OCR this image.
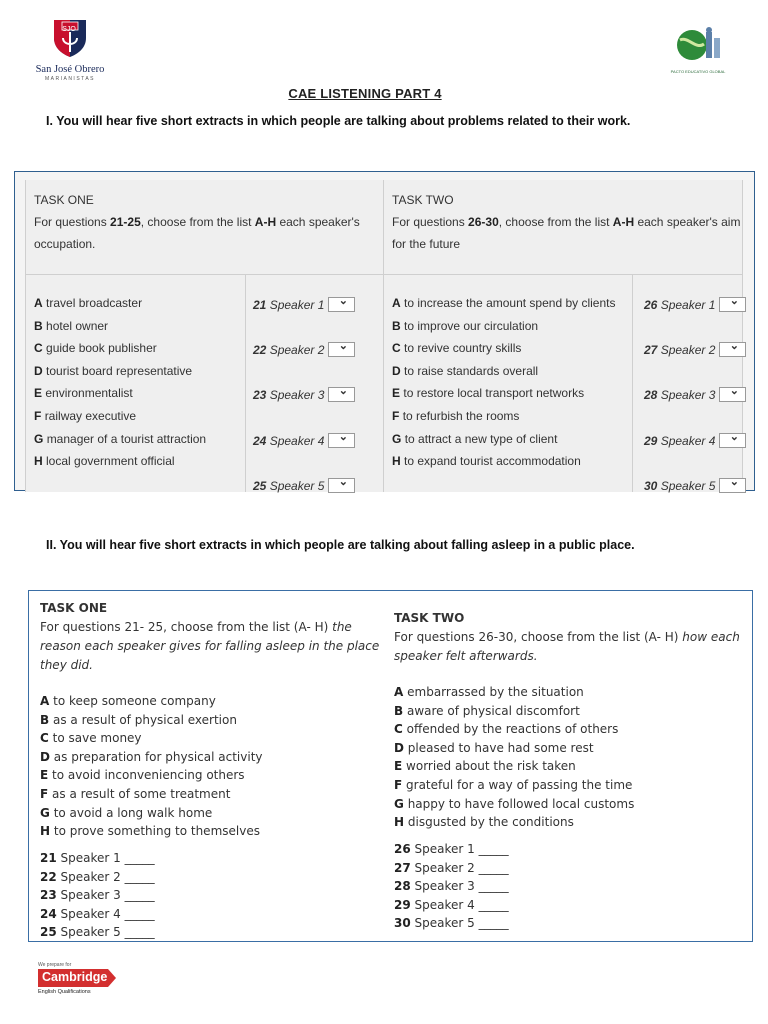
SJO
San José Obrero
MARIANISTAS
PACTO EDUCATIVO GLOBAL
CAE LISTENING PART 4
I. You will hear five short extracts in which people are talking about problems related to their work.
TASK ONE
For questions 21-25, choose from the list A-H each speaker's
occupation.
TASK TWO
For questions 26-30, choose from the list A-H each speaker's aim
for the future
A travel broadcaster
B hotel owner
C guide book publisher
D tourist board representative
E environmentalist
F railway executive
G manager of a tourist attraction
H local government official
A to increase the amount spend by clients
B to improve our circulation
C to revive country skills
D to raise standards overall
E to restore local transport networks
F to refurbish the rooms
G to attract a new type of client
H to expand tourist accommodation
21 Speaker 1
⌄
22 Speaker 2
⌄
23 Speaker 3
⌄
24 Speaker 4
⌄
25 Speaker 5
⌄
26 Speaker 1
⌄
27 Speaker 2
⌄
28 Speaker 3
⌄
29 Speaker 4
⌄
30 Speaker 5
⌄
II. You will hear five short extracts in which people are talking about falling asleep in a public place.
TASK ONE
For questions 21- 25, choose from the list (A- H) the
reason each speaker gives for falling asleep in the place
they did.
TASK TWO
For questions 26-30, choose from the list (A- H) how each
speaker felt afterwards.
A to keep someone company
B as a result of physical exertion
C to save money
D as preparation for physical activity
E to avoid inconveniencing others
F as a result of some treatment
G to avoid a long walk home
H to prove something to themselves
A embarrassed by the situation
B aware of physical discomfort
C offended by the reactions of others
D pleased to have had some rest
E worried about the risk taken
F grateful for a way of passing the time
G happy to have followed local customs
H disgusted by the conditions
21 Speaker 1 _____
22 Speaker 2 _____
23 Speaker 3 _____
24 Speaker 4 _____
25 Speaker 5 _____
26 Speaker 1 _____
27 Speaker 2 _____
28 Speaker 3 _____
29 Speaker 4 _____
30 Speaker 5 _____
We prepare for
Cambridge
English Qualifications
